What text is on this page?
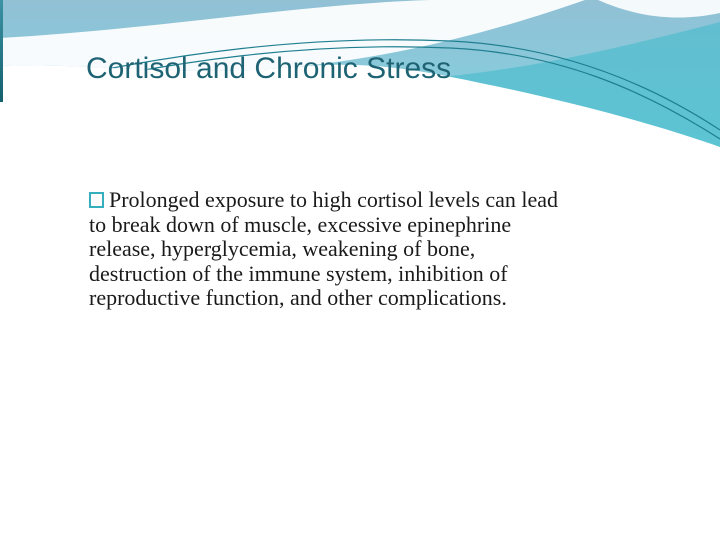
Cortisol and Chronic Stress
Prolonged exposure to high cortisol levels can lead
to break down of muscle, excessive epinephrine
release, hyperglycemia, weakening of bone,
destruction of the immune system, inhibition of
reproductive function, and other complications.
